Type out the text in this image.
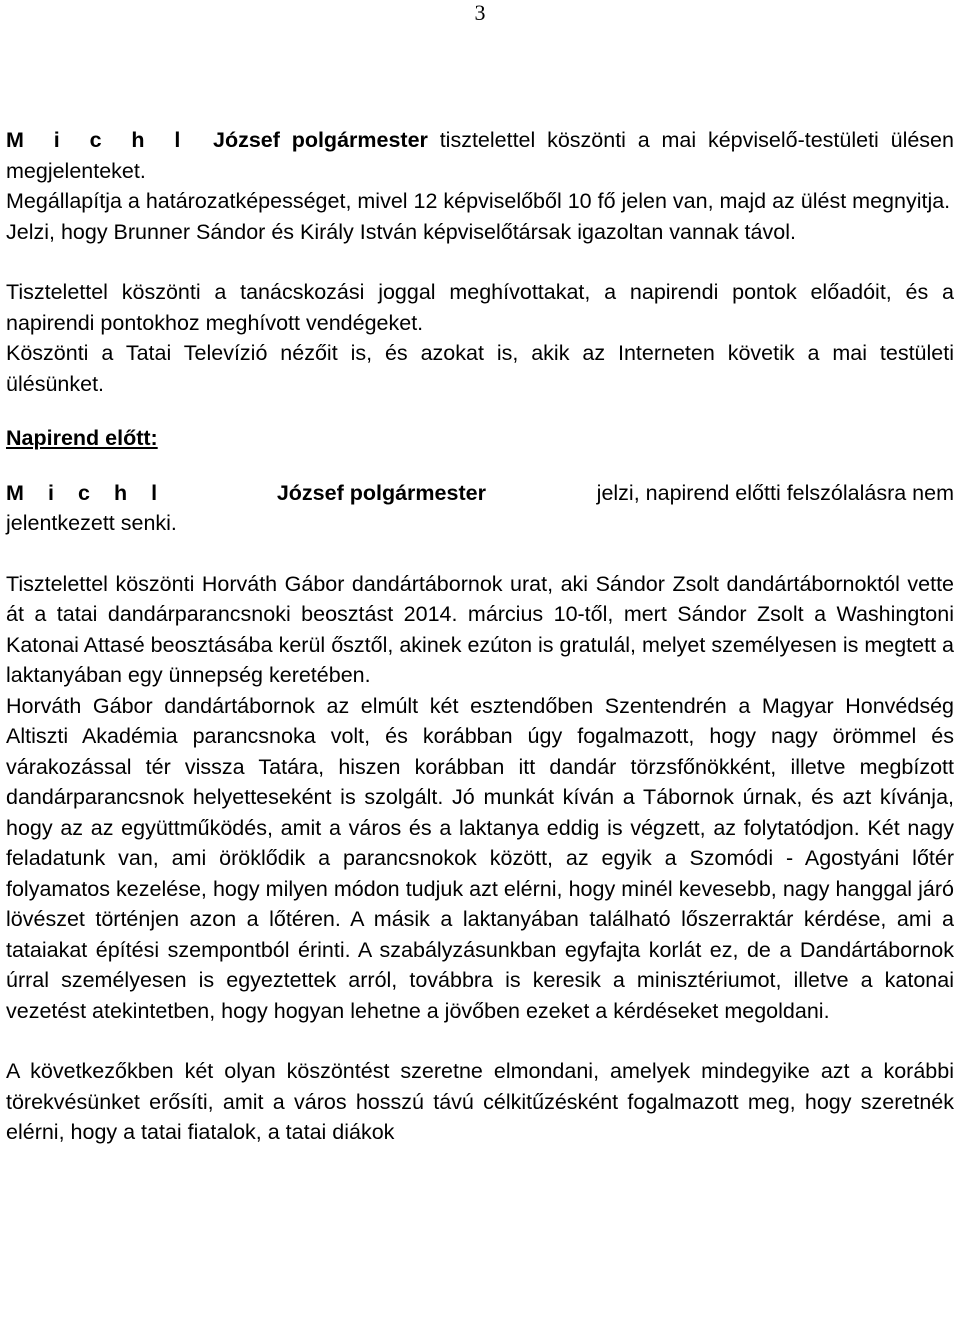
3

M i c h l József polgármester tisztelettel köszönti a mai képviselő-testületi ülésen megjelenteket.

Megállapítja a határozatképességet, mivel 12 képviselőből 10 fő jelen van, majd az ülést megnyitja.

Jelzi, hogy Brunner Sándor és Király István képviselőtársak igazoltan vannak távol.

Tisztelettel köszönti a tanácskozási joggal meghívottakat, a napirendi pontok előadóit, és a napirendi pontokhoz meghívott vendégeket.

Köszönti a Tatai Televízió nézőit is, és azokat is, akik az Interneten követik a mai testületi ülésünket.

Napirend előtt:

M i c h l	József polgármester	jelzi, napirend előtti felszólalásra nem

jelentkezett senki.

Tisztelettel köszönti Horváth Gábor dandártábornok urat, aki Sándor Zsolt dandártábornoktól vette át a tatai dandárparancsnoki beosztást 2014. március 10-től, mert Sándor Zsolt a Washingtoni Katonai Attasé beosztásába kerül ősztől, akinek ezúton is gratulál, melyet személyesen is megtett a laktanyában egy ünnepség keretében.

Horváth Gábor dandártábornok az elmúlt két esztendőben Szentendrén a Magyar Honvédség Altiszti Akadémia parancsnoka volt, és korábban úgy fogalmazott, hogy nagy örömmel és várakozással tér vissza Tatára, hiszen korábban itt dandár törzsfőnökként, illetve megbízott dandárparancsnok helyetteseként is szolgált. Jó munkát kíván a Tábornok úrnak, és azt kívánja, hogy az az együttműködés, amit a város és a laktanya eddig is végzett, az folytatódjon. Két nagy feladatunk van, ami öröklődik a parancsnokok között, az egyik a Szomódi - Agostyáni lőtér folyamatos kezelése, hogy milyen módon tudjuk azt elérni, hogy minél kevesebb, nagy hanggal járó lövészet történjen azon a lőtéren. A másik a laktanyában található lőszerraktár kérdése, ami a tataiakat építési szempontból érinti. A szabályzásunkban egyfajta korlát ez, de a Dandártábornok úrral személyesen is egyeztettek arról, továbbra is keresik a minisztériumot, illetve a katonai vezetést atekintetben, hogy hogyan lehetne a jövőben ezeket a kérdéseket megoldani.

A következőkben két olyan köszöntést szeretne elmondani, amelyek mindegyike azt a korábbi törekvésünket erősíti, amit a város hosszú távú célkitűzésként fogalmazott meg, hogy szeretnék elérni, hogy a tatai fiatalok, a tatai diákok
